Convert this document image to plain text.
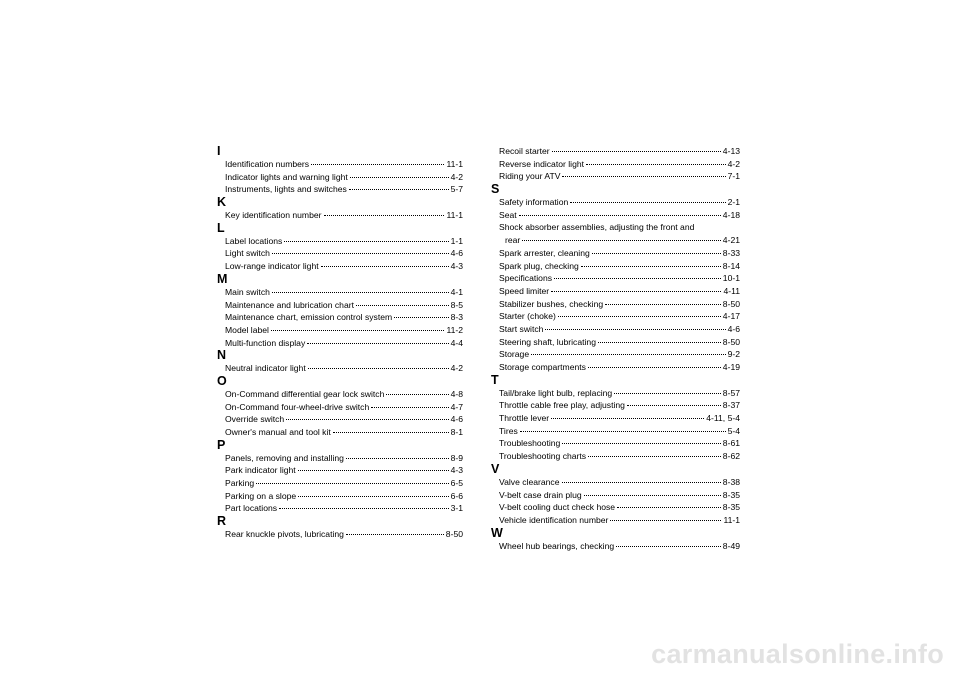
I
Identification numbers	11-1
Indicator lights and warning light	4-2
Instruments, lights and switches	5-7
K
Key identification number	11-1
L
Label locations	1-1
Light switch	4-6
Low-range indicator light	4-3
M
Main switch	4-1
Maintenance and lubrication chart	8-5
Maintenance chart, emission control system	8-3
Model label	11-2
Multi-function display	4-4
N
Neutral indicator light	4-2
O
On-Command differential gear lock switch	4-8
On-Command four-wheel-drive switch	4-7
Override switch	4-6
Owner's manual and tool kit	8-1
P
Panels, removing and installing	8-9
Park indicator light	4-3
Parking	6-5
Parking on a slope	6-6
Part locations	3-1
R
Rear knuckle pivots, lubricating	8-50
Recoil starter	4-13
Reverse indicator light	4-2
Riding your ATV	7-1
S
Safety information	2-1
Seat	4-18
Shock absorber assemblies, adjusting the front and
rear	4-21
Spark arrester, cleaning	8-33
Spark plug, checking	8-14
Specifications	10-1
Speed limiter	4-11
Stabilizer bushes, checking	8-50
Starter (choke)	4-17
Start switch	4-6
Steering shaft, lubricating	8-50
Storage	9-2
Storage compartments	4-19
T
Tail/brake light bulb, replacing	8-57
Throttle cable free play, adjusting	8-37
Throttle lever	4-11, 5-4
Tires	5-4
Troubleshooting	8-61
Troubleshooting charts	8-62
V
Valve clearance	8-38
V-belt case drain plug	8-35
V-belt cooling duct check hose	8-35
Vehicle identification number	11-1
W
Wheel hub bearings, checking	8-49
carmanualsonline.info
